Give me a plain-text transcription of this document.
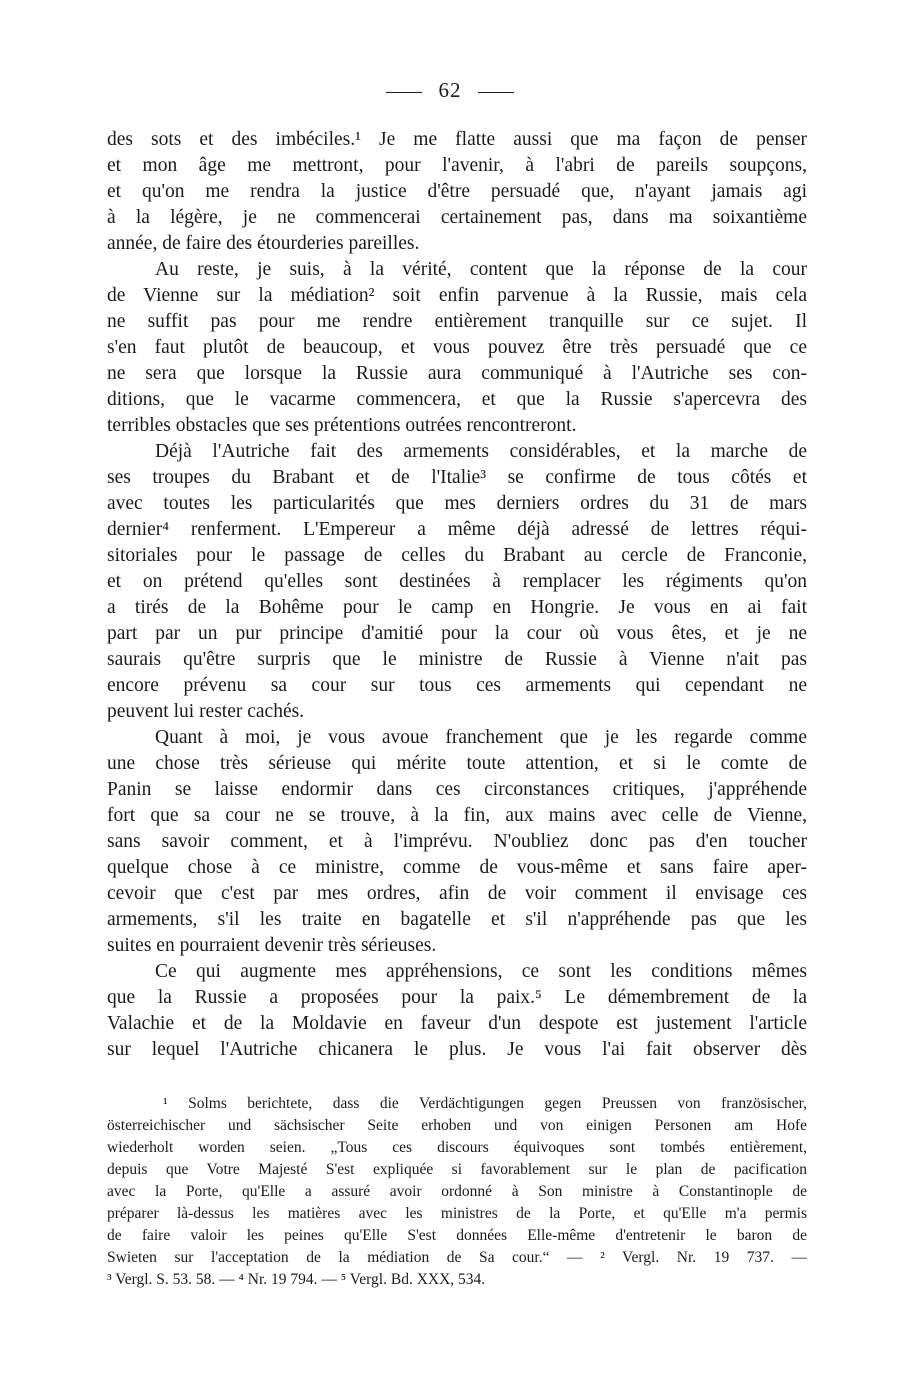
62
des sots et des imbéciles.¹ Je me flatte aussi que ma façon de penser
et mon âge me mettront, pour l'avenir, à l'abri de pareils soupçons,
et qu'on me rendra la justice d'être persuadé que, n'ayant jamais agi
à la légère, je ne commencerai certainement pas, dans ma soixantième
année, de faire des étourderies pareilles.
Au reste, je suis, à la vérité, content que la réponse de la cour
de Vienne sur la médiation² soit enfin parvenue à la Russie, mais cela
ne suffit pas pour me rendre entièrement tranquille sur ce sujet. Il
s'en faut plutôt de beaucoup, et vous pouvez être très persuadé que ce
ne sera que lorsque la Russie aura communiqué à l'Autriche ses con-
ditions, que le vacarme commencera, et que la Russie s'apercevra des
terribles obstacles que ses prétentions outrées rencontreront.
Déjà l'Autriche fait des armements considérables, et la marche de
ses troupes du Brabant et de l'Italie³ se confirme de tous côtés et
avec toutes les particularités que mes derniers ordres du 31 de mars
dernier⁴ renferment. L'Empereur a même déjà adressé de lettres réqui-
sitoriales pour le passage de celles du Brabant au cercle de Franconie,
et on prétend qu'elles sont destinées à remplacer les régiments qu'on
a tirés de la Bohême pour le camp en Hongrie. Je vous en ai fait
part par un pur principe d'amitié pour la cour où vous êtes, et je ne
saurais qu'être surpris que le ministre de Russie à Vienne n'ait pas
encore prévenu sa cour sur tous ces armements qui cependant ne
peuvent lui rester cachés.
Quant à moi, je vous avoue franchement que je les regarde comme
une chose très sérieuse qui mérite toute attention, et si le comte de
Panin se laisse endormir dans ces circonstances critiques, j'appréhende
fort que sa cour ne se trouve, à la fin, aux mains avec celle de Vienne,
sans savoir comment, et à l'imprévu. N'oubliez donc pas d'en toucher
quelque chose à ce ministre, comme de vous-même et sans faire aper-
cevoir que c'est par mes ordres, afin de voir comment il envisage ces
armements, s'il les traite en bagatelle et s'il n'appréhende pas que les
suites en pourraient devenir très sérieuses.
Ce qui augmente mes appréhensions, ce sont les conditions mêmes
que la Russie a proposées pour la paix.⁵ Le démembrement de la
Valachie et de la Moldavie en faveur d'un despote est justement l'article
sur lequel l'Autriche chicanera le plus. Je vous l'ai fait observer dès
¹ Solms berichtete, dass die Verdächtigungen gegen Preussen von französischer,
österreichischer und sächsischer Seite erhoben und von einigen Personen am Hofe
wiederholt worden seien. „Tous ces discours équivoques sont tombés entièrement,
depuis que Votre Majesté S'est expliquée si favorablement sur le plan de pacification
avec la Porte, qu'Elle a assuré avoir ordonné à Son ministre à Constantinople de
préparer là-dessus les matières avec les ministres de la Porte, et qu'Elle m'a permis
de faire valoir les peines qu'Elle S'est données Elle-même d'entretenir le baron de
Swieten sur l'acceptation de la médiation de Sa cour.“ — ² Vergl. Nr. 19 737. —
³ Vergl. S. 53. 58. — ⁴ Nr. 19 794. — ⁵ Vergl. Bd. XXX, 534.
